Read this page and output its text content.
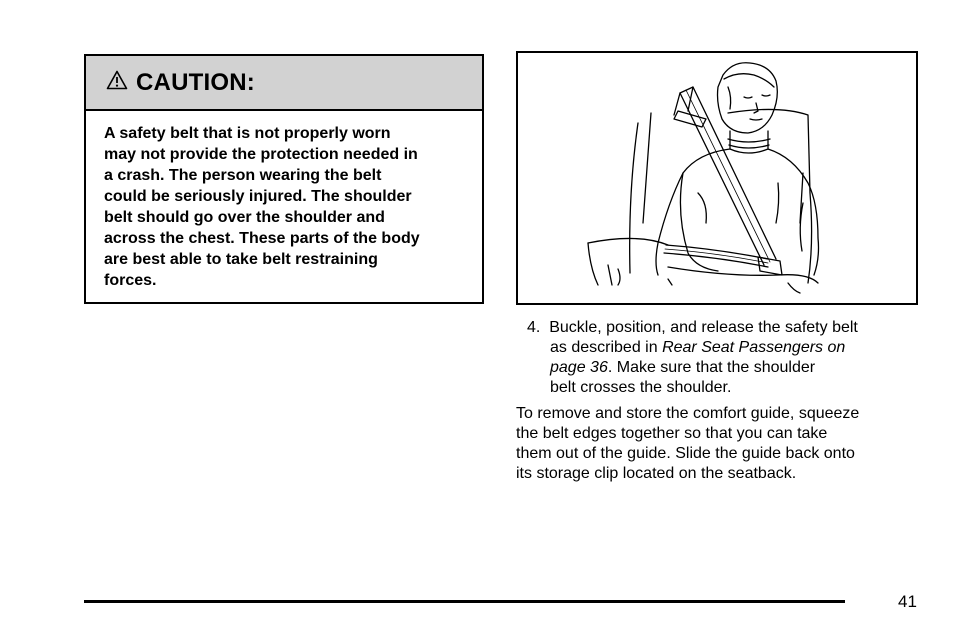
CAUTION:
A safety belt that is not properly worn
may not provide the protection needed in
a crash. The person wearing the belt
could be seriously injured. The shoulder
belt should go over the shoulder and
across the chest. These parts of the body
are best able to take belt restraining
forces.
4. Buckle, position, and release the safety belt
as described in Rear Seat Passengers on
page 36. Make sure that the shoulder
belt crosses the shoulder.
To remove and store the comfort guide, squeeze
the belt edges together so that you can take
them out of the guide. Slide the guide back onto
its storage clip located on the seatback.
41
